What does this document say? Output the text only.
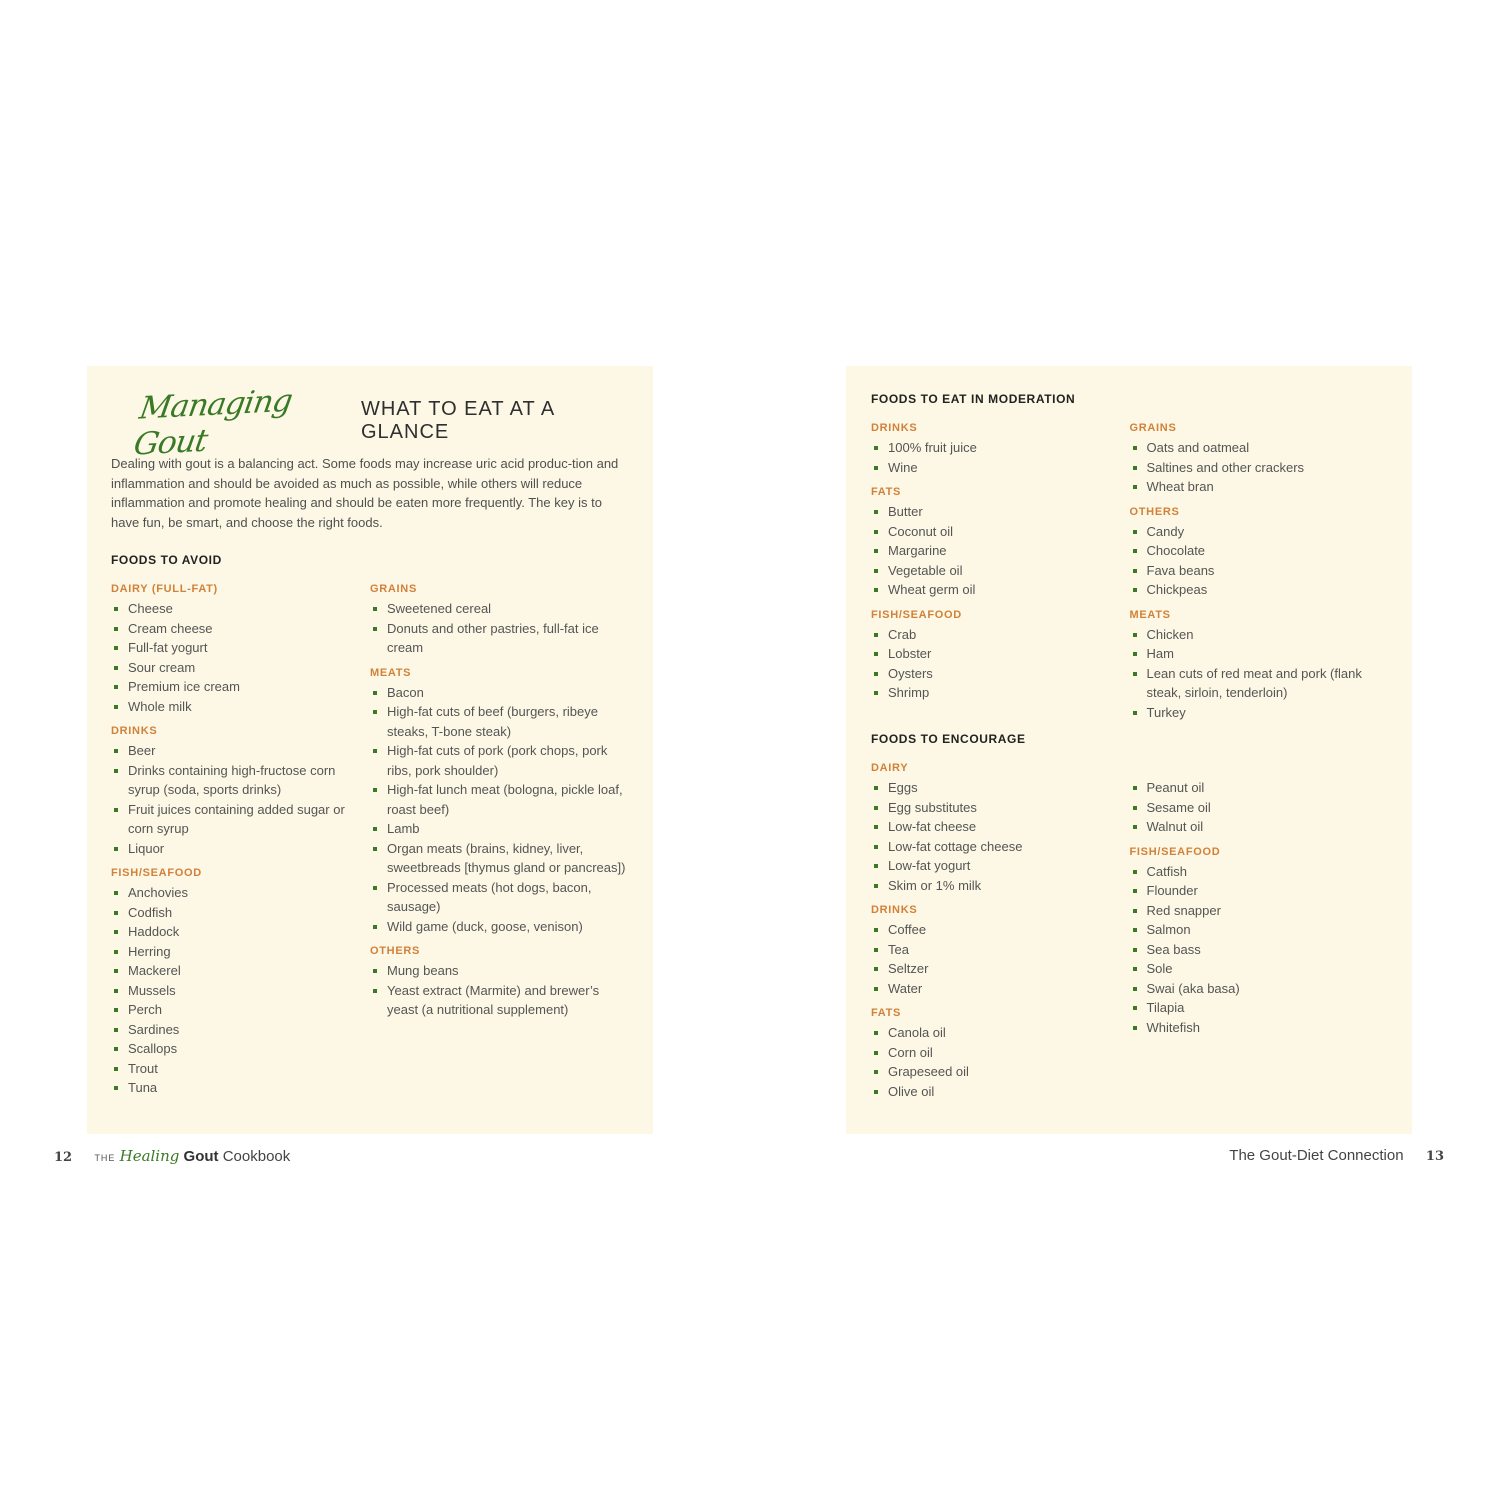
Managing Gout
WHAT TO EAT AT A GLANCE

Dealing with gout is a balancing act. Some foods may increase uric acid produc-tion and inflammation and should be avoided as much as possible, while others will reduce inflammation and promote healing and should be eaten more frequently. The key is to have fun, be smart, and choose the right foods.

FOODS TO AVOID
DAIRY (FULL-FAT)
Cheese
Cream cheese
Full-fat yogurt
Sour cream
Premium ice cream
Whole milk
DRINKS
Beer
Drinks containing high-fructose corn syrup (soda, sports drinks)
Fruit juices containing added sugar or corn syrup
Liquor
FISH/SEAFOOD
Anchovies
Codfish
Haddock
Herring
Mackerel
Mussels
Perch
Sardines
Scallops
Trout
Tuna
GRAINS
Sweetened cereal
Donuts and other pastries, full-fat ice cream
MEATS
Bacon
High-fat cuts of beef (burgers, ribeye steaks, T-bone steak)
High-fat cuts of pork (pork chops, pork ribs, pork shoulder)
High-fat lunch meat (bologna, pickle loaf, roast beef)
Lamb
Organ meats (brains, kidney, liver, sweetbreads [thymus gland or pancreas])
Processed meats (hot dogs, bacon, sausage)
Wild game (duck, goose, venison)
OTHERS
Mung beans
Yeast extract (Marmite) and brewer’s yeast (a nutritional supplement)
FOODS TO EAT IN MODERATION
DRINKS
100% fruit juice
Wine
FATS
Butter
Coconut oil
Margarine
Vegetable oil
Wheat germ oil
FISH/SEAFOOD
Crab
Lobster
Oysters
Shrimp
GRAINS
Oats and oatmeal
Saltines and other crackers
Wheat bran
OTHERS
Candy
Chocolate
Fava beans
Chickpeas
MEATS
Chicken
Ham
Lean cuts of red meat and pork (flank steak, sirloin, tenderloin)
Turkey
FOODS TO ENCOURAGE
DAIRY
Eggs
Egg substitutes
Low-fat cheese
Low-fat cottage cheese
Low-fat yogurt
Skim or 1% milk
DRINKS
Coffee
Tea
Seltzer
Water
FATS
Canola oil
Corn oil
Grapeseed oil
Olive oil
Peanut oil
Sesame oil
Walnut oil
FISH/SEAFOOD
Catfish
Flounder
Red snapper
Salmon
Sea bass
Sole
Swai (aka basa)
Tilapia
Whitefish
12 THE Healing Gout Cookbook	The Gout-Diet Connection 13
